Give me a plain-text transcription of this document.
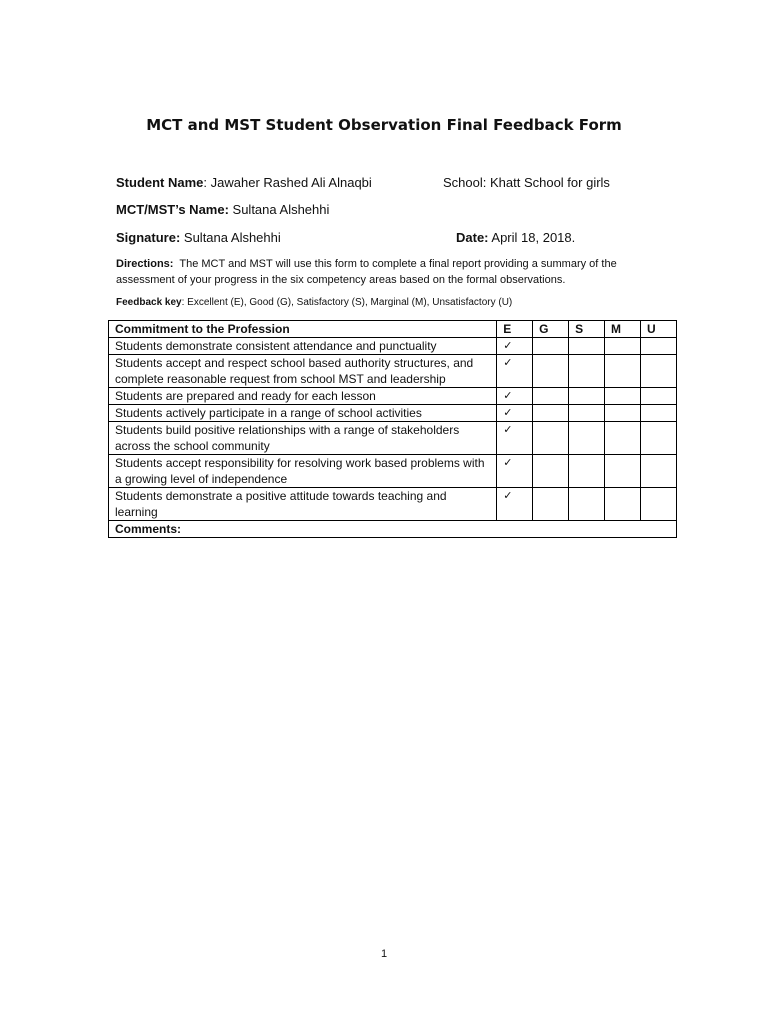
MCT and MST Student Observation Final Feedback Form
Student Name: Jawaher Rashed Ali Alnaqbi	School: Khatt School for girls
MCT/MST’s Name: Sultana Alshehhi
Signature: Sultana Alshehhi	Date: April 18, 2018.
Directions:  The MCT and MST will use this form to complete a final report providing a summary of the assessment of your progress in the six competency areas based on the formal observations.
Feedback key: Excellent (E), Good (G), Satisfactory (S), Marginal (M), Unsatisfactory (U)
Commitment to the Profession	E	G	S	M	U
Students demonstrate consistent attendance and punctuality	✓				
Students accept and respect school based authority structures, and complete reasonable request from school MST and leadership	✓				
Students are prepared and ready for each lesson	✓				
Students actively participate in a range of school activities	✓				
Students build positive relationships with a range of stakeholders across the school community	✓				
Students accept responsibility for resolving work based problems with a growing level of independence	✓				
Students demonstrate a positive attitude towards teaching and learning	✓				
Comments:					
1
